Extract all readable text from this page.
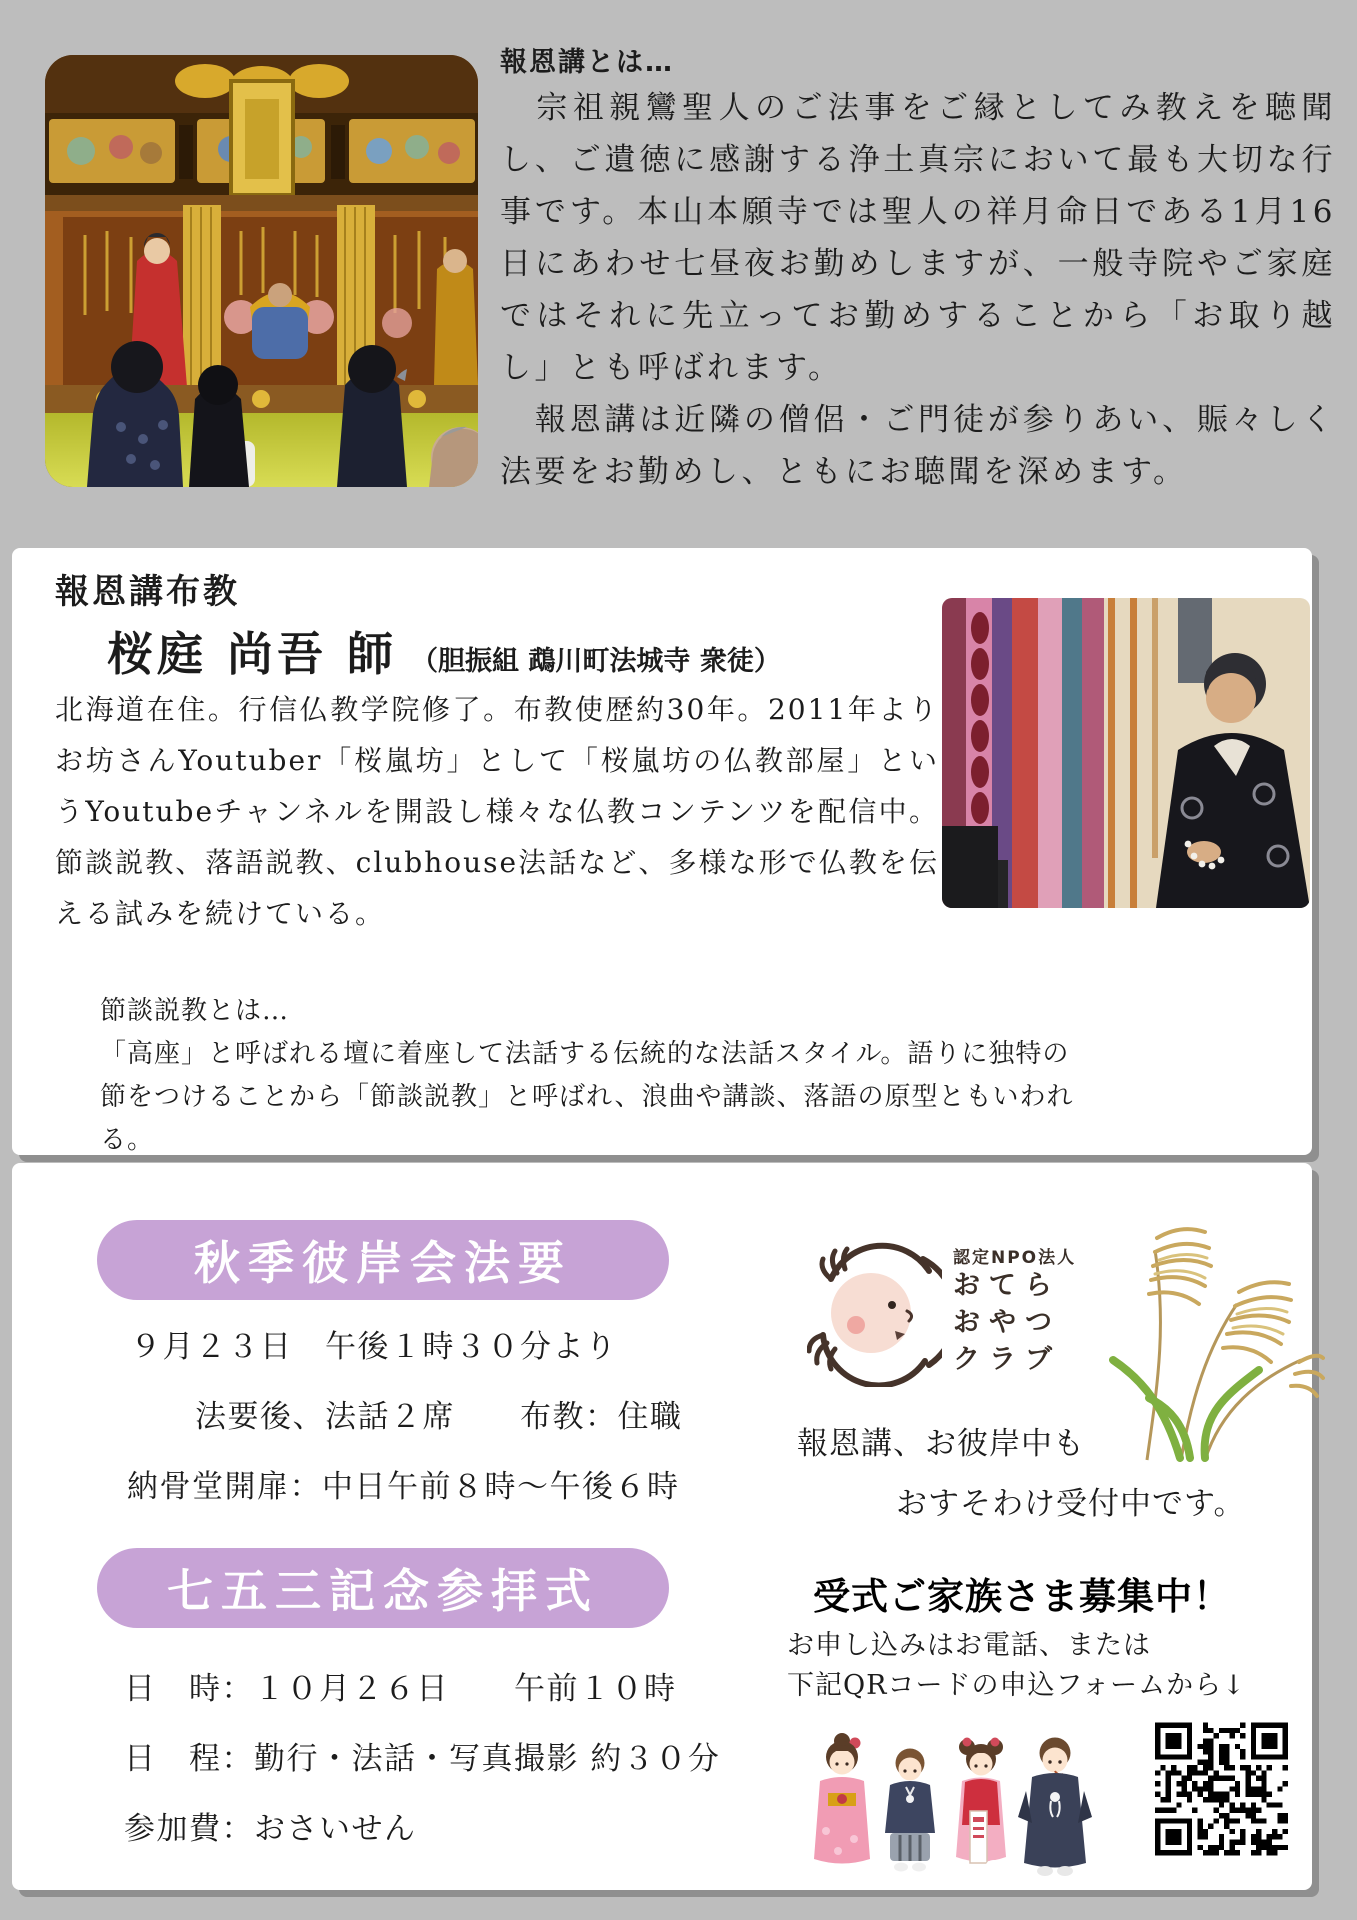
報恩講とは…
　宗祖親鸞聖人のご法事をご縁としてみ教えを聴聞し、ご遺徳に感謝する浄土真宗において最も大切な行事です。本山本願寺では聖人の祥月命日である1月16日にあわせ七昼夜お勤めしますが、一般寺院やご家庭ではそれに先立ってお勤めすることから「お取り越し」とも呼ばれます。
　報恩講は近隣の僧侶・ご門徒が参りあい、賑々しく法要をお勤めし、ともにお聴聞を深めます。
報恩講布教
桜庭 尚吾 師 （胆振組 鵡川町法城寺 衆徒）
北海道在住。行信仏教学院修了。布教使歴約30年。2011年よりお坊さんYoutuber「桜嵐坊」として「桜嵐坊の仏教部屋」というYoutubeチャンネルを開設し様々な仏教コンテンツを配信中。節談説教、落語説教、clubhouse法話など、多様な形で仏教を伝える試みを続けている。
節談説教とは…
「高座」と呼ばれる壇に着座して法話する伝統的な法話スタイル。語りに独特の節をつけることから「節談説教」と呼ばれ、浪曲や講談、落語の原型ともいわれる。
秋季彼岸会法要
９月２３日　午後１時３０分より
法要後、法話２席　　布教：住職
納骨堂開扉：中日午前８時～午後６時
認定NPO法人
おてら
おやつ
クラブ
報恩講、お彼岸中も
おすそわけ受付中です。
七五三記念参拝式
日　時：１０月２６日　　午前１０時
日　程：勤行・法話・写真撮影 約３０分
参加費：おさいせん
受式ご家族さま募集中！
お申し込みはお電話、または
下記QRコードの申込フォームから↓
